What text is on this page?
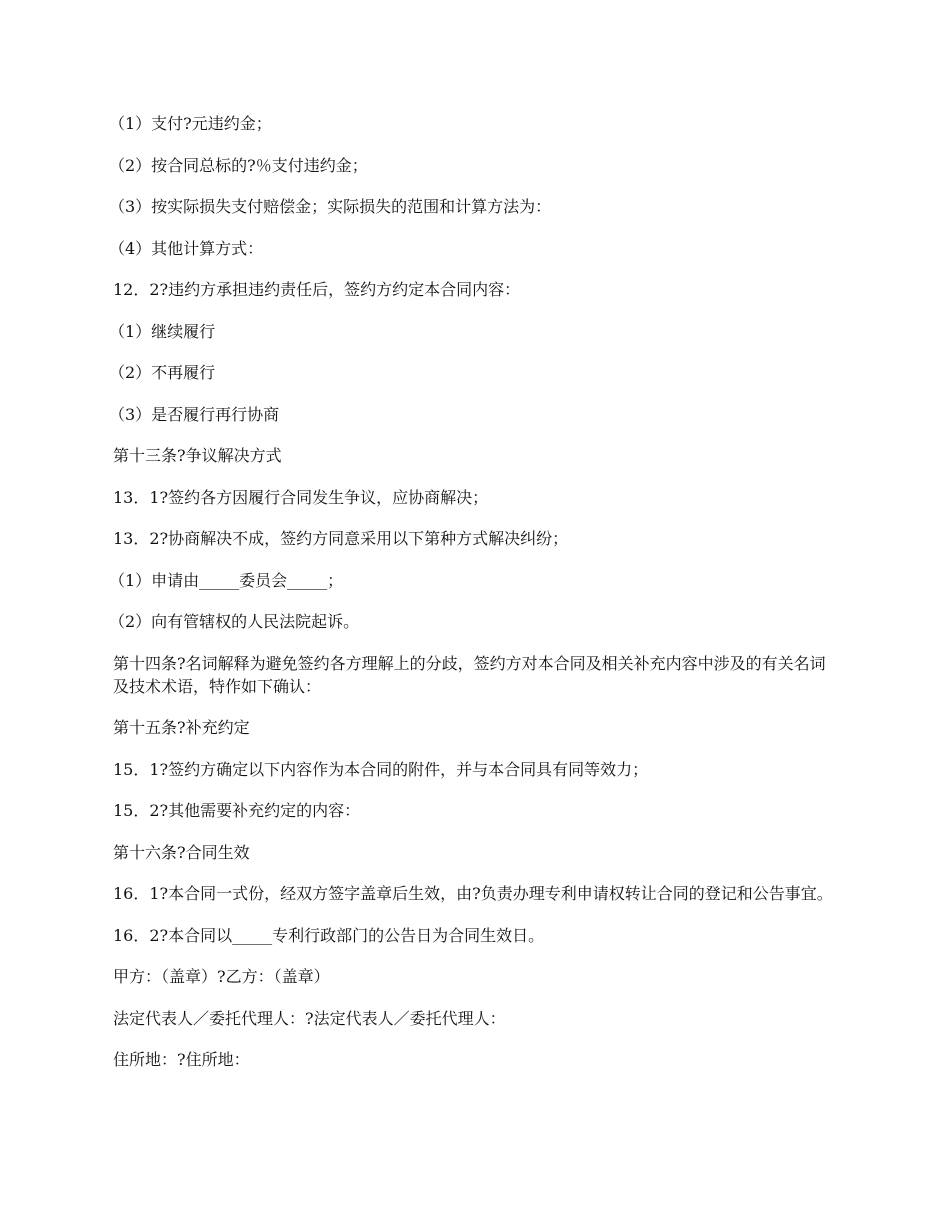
（1）支付?元违约金；

（2）按合同总标的?％支付违约金；

（3）按实际损失支付赔偿金；实际损失的范围和计算方法为：

（4）其他计算方式：

12．2?违约方承担违约责任后，签约方约定本合同内容：

（1）继续履行

（2）不再履行

（3）是否履行再行协商

第十三条?争议解决方式

13．1?签约各方因履行合同发生争议，应协商解决；

13．2?协商解决不成，签约方同意采用以下第种方式解决纠纷；

（1）申请由_____委员会_____；

（2）向有管辖权的人民法院起诉。

第十四条?名词解释为避免签约各方理解上的分歧，签约方对本合同及相关补充内容中涉及的有关名词及技术术语，特作如下确认：

第十五条?补充约定

15．1?签约方确定以下内容作为本合同的附件，并与本合同具有同等效力；

15．2?其他需要补充约定的内容：

第十六条?合同生效

16．1?本合同一式份，经双方签字盖章后生效，由?负责办理专利申请权转让合同的登记和公告事宜。

16．2?本合同以_____专利行政部门的公告日为合同生效日。

甲方：（盖章）?乙方：（盖章）

法定代表人／委托代理人：?法定代表人／委托代理人：

住所地：?住所地：
